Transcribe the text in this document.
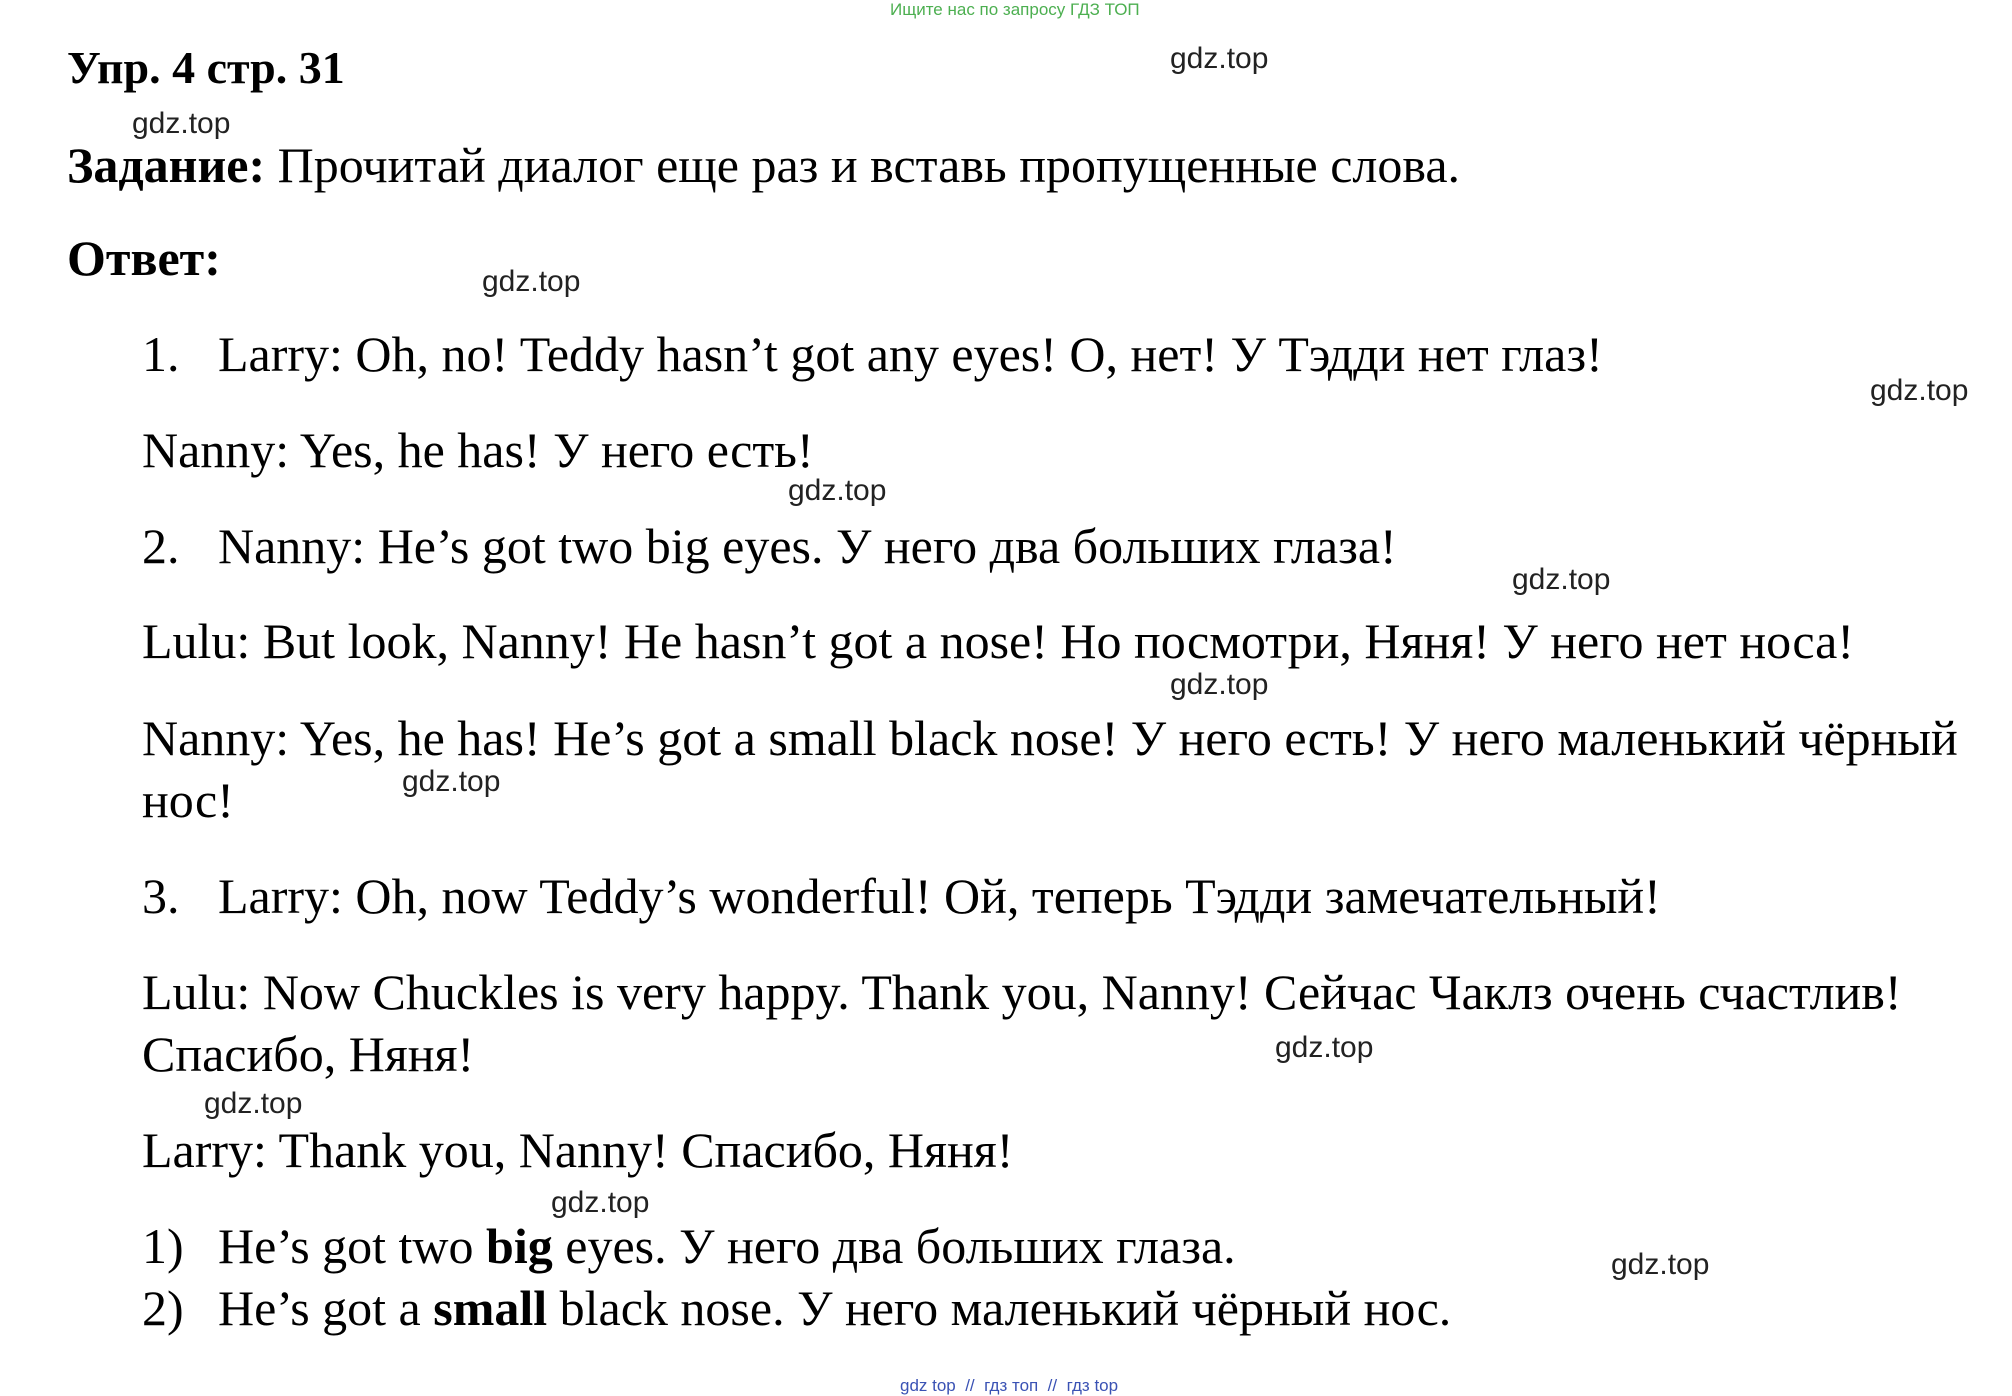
Ищите нас по запросу ГДЗ ТОП
Упр. 4 стр. 31
Задание: Прочитай диалог еще раз и вставь пропущенные слова.
Ответ:
1. Larry: Oh, no! Teddy hasn’t got any eyes! О, нет! У Тэдди нет глаз!
Nanny: Yes, he has! У него есть!
2. Nanny: He’s got two big eyes. У него два больших глаза!
Lulu: But look, Nanny! He hasn’t got a nose! Но посмотри, Няня! У него нет носа!
Nanny: Yes, he has! He’s got a small black nose! У него есть! У него маленький чёрный
нос!
3. Larry: Oh, now Teddy’s wonderful! Ой, теперь Тэдди замечательный!
Lulu: Now Chuckles is very happy. Thank you, Nanny! Сейчас Чаклз очень счастлив!
Спасибо, Няня!
Larry: Thank you, Nanny! Спасибо, Няня!
1) He’s got two big eyes. У него два больших глаза.
2) He’s got a small black nose. У него маленький чёрный нос.
gdz.top
gdz.top
gdz.top
gdz.top
gdz.top
gdz.top
gdz.top
gdz.top
gdz.top
gdz.top
gdz.top
gdz.top
gdz top  //  гдз топ  //  гдз top
